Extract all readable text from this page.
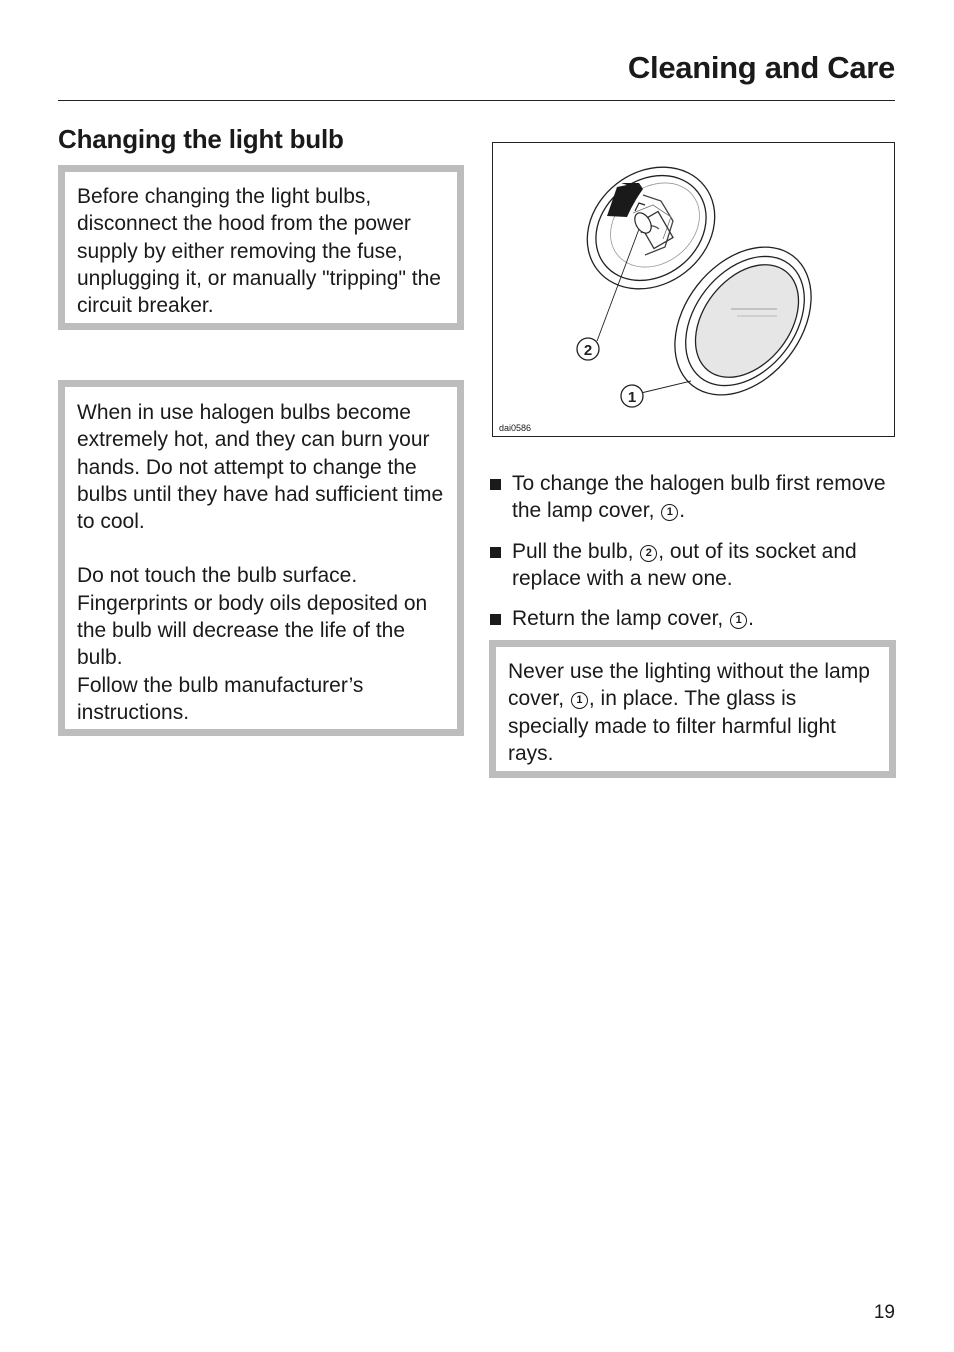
Cleaning and Care
Changing the light bulb

Before changing the light bulbs, disconnect the hood from the power supply by either removing the fuse, unplugging it, or manually "tripping" the circuit breaker.

When in use halogen bulbs become extremely hot, and they can burn your hands. Do not attempt to change the bulbs until they have had sufficient time to cool.

Do not touch the bulb surface. Fingerprints or body oils deposited on the bulb will decrease the life of the bulb.

Follow the bulb manufacturer’s instructions.

2
1
dai0586
To change the halogen bulb first remove the lamp cover, 1 .
Pull the bulb, 2 , out of its socket and replace with a new one.
Return the lamp cover, 1 .

Never use the lighting without the lamp cover, 1 , in place. The glass is specially made to filter harmful light rays.

19
